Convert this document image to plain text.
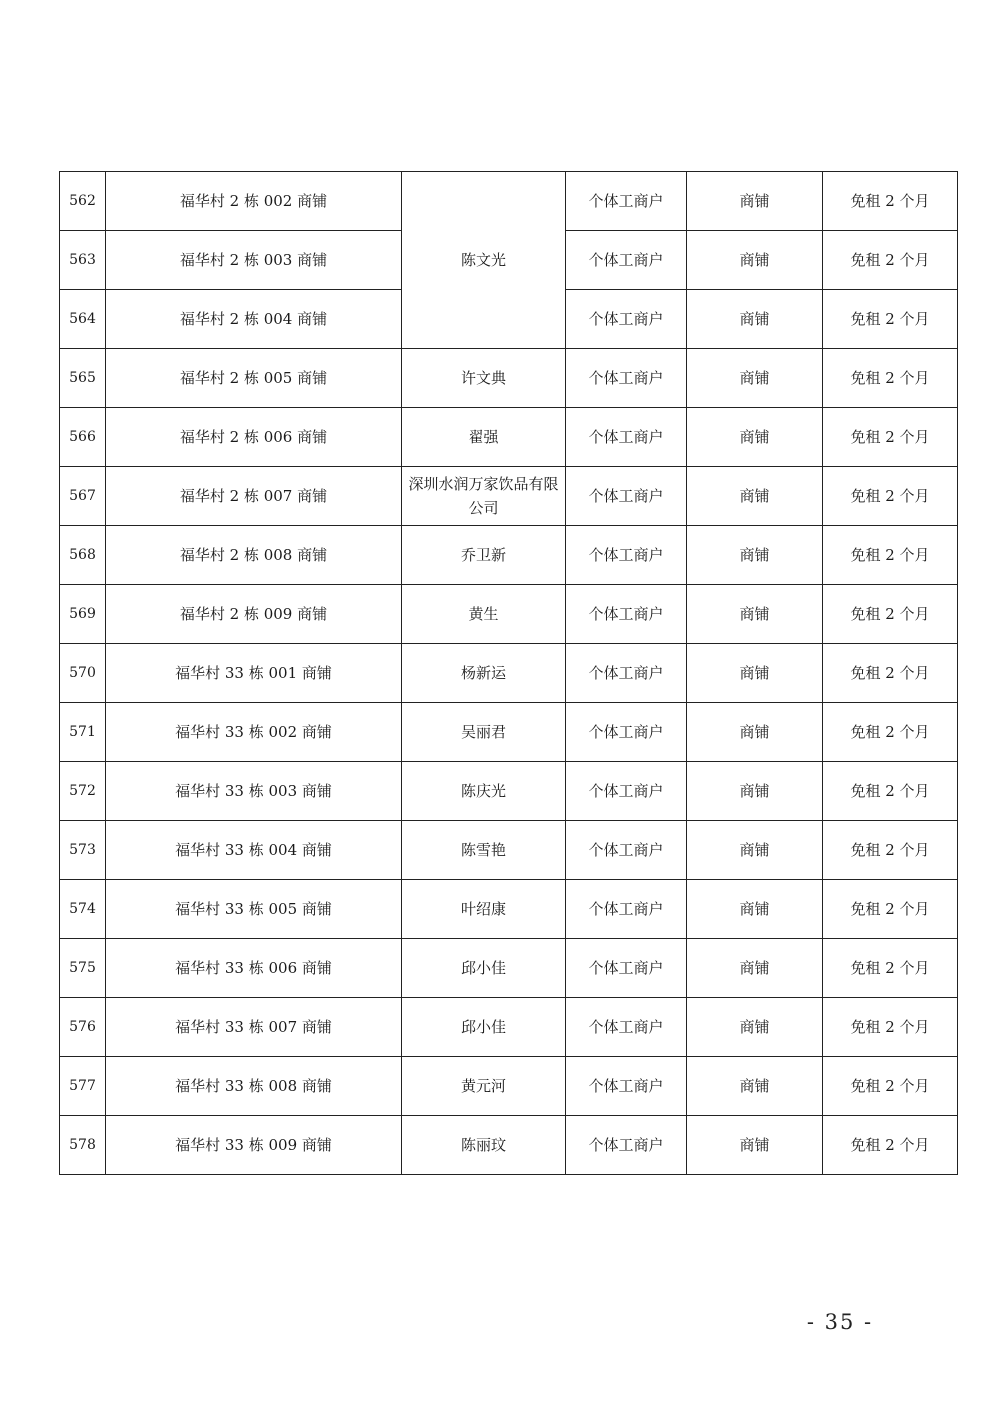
562	福华村 2 栋 002 商铺	陈文光	个体工商户	商铺	免租 2 个月
563	福华村 2 栋 003 商铺		个体工商户	商铺	免租 2 个月
564	福华村 2 栋 004 商铺		个体工商户	商铺	免租 2 个月
565	福华村 2 栋 005 商铺	许文典	个体工商户	商铺	免租 2 个月
566	福华村 2 栋 006 商铺	翟强	个体工商户	商铺	免租 2 个月
567	福华村 2 栋 007 商铺	深圳水润万家饮品有限公司	个体工商户	商铺	免租 2 个月
568	福华村 2 栋 008 商铺	乔卫新	个体工商户	商铺	免租 2 个月
569	福华村 2 栋 009 商铺	黄生	个体工商户	商铺	免租 2 个月
570	福华村 33 栋 001 商铺	杨新运	个体工商户	商铺	免租 2 个月
571	福华村 33 栋 002 商铺	吴丽君	个体工商户	商铺	免租 2 个月
572	福华村 33 栋 003 商铺	陈庆光	个体工商户	商铺	免租 2 个月
573	福华村 33 栋 004 商铺	陈雪艳	个体工商户	商铺	免租 2 个月
574	福华村 33 栋 005 商铺	叶绍康	个体工商户	商铺	免租 2 个月
575	福华村 33 栋 006 商铺	邱小佳	个体工商户	商铺	免租 2 个月
576	福华村 33 栋 007 商铺	邱小佳	个体工商户	商铺	免租 2 个月
577	福华村 33 栋 008 商铺	黄元河	个体工商户	商铺	免租 2 个月
578	福华村 33 栋 009 商铺	陈丽玟	个体工商户	商铺	免租 2 个月
- 35 -
